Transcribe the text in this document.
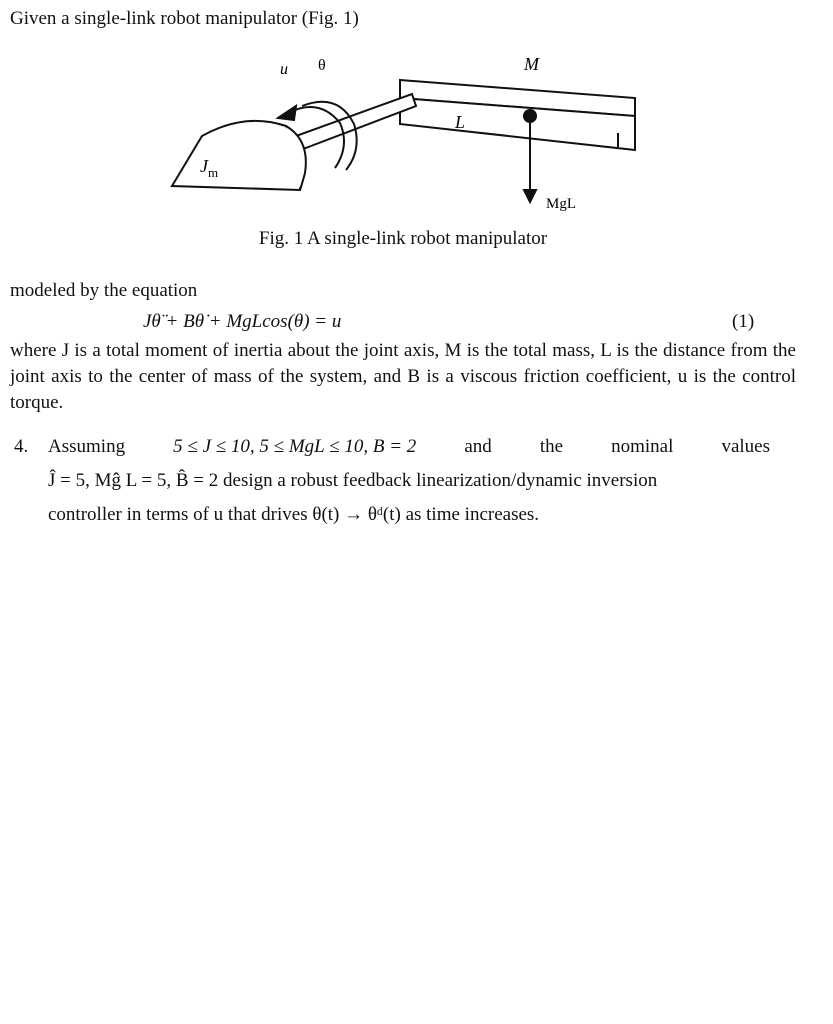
Given a single-link robot manipulator (Fig. 1)
u θ	M
L
$J_m$
MgL
Fig. 1 A single-link robot manipulator
modeled by the equation
Jθ̈ + Bθ̇ + MgLcos(θ) = u	(1)
where J is a total moment of inertia about the joint axis, M is the total mass, L is the distance from the joint axis to the center of mass of the system, and B is a viscous friction coefficient, u is the control torque.
4. Assuming	5 ≤ J ≤ 10, 5 ≤ MgL ≤ 10, B = 2	and	the	nominal	values
Ĵ = 5, Mĝ L = 5, B̂ = 2 design a robust feedback linearization/dynamic inversion
controller in terms of u that drives θ(t) → θᵈ(t) as time increases.
